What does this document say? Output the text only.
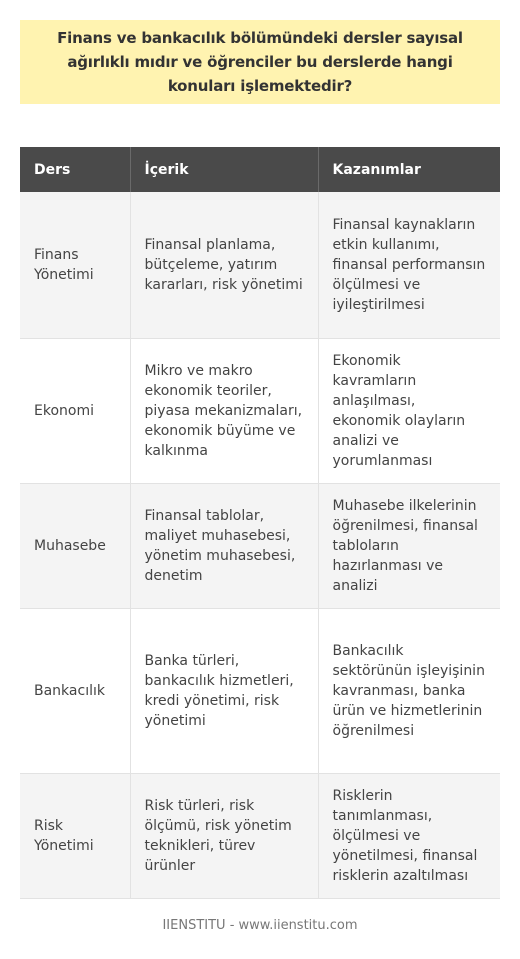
Finans ve bankacılık bölümündeki dersler sayısal ağırlıklı mıdır ve öğrenciler bu derslerde hangi konuları işlemektedir?
Ders	İçerik	Kazanımlar
Finans Yönetimi	Finansal planlama, bütçeleme, yatırım kararları, risk yönetimi	Finansal kaynakların etkin kullanımı, finansal performansın ölçülmesi ve iyileştirilmesi
Ekonomi	Mikro ve makro ekonomik teoriler, piyasa mekanizmaları, ekonomik büyüme ve kalkınma	Ekonomik kavramların anlaşılması, ekonomik olayların analizi ve yorumlanması
Muhasebe	Finansal tablolar, maliyet muhasebesi, yönetim muhasebesi, denetim	Muhasebe ilkelerinin öğrenilmesi, finansal tabloların hazırlanması ve analizi
Bankacılık	Banka türleri, bankacılık hizmetleri, kredi yönetimi, risk yönetimi	Bankacılık sektörünün işleyişinin kavranması, banka ürün ve hizmetlerinin öğrenilmesi
Risk Yönetimi	Risk türleri, risk ölçümü, risk yönetim teknikleri, türev ürünler	Risklerin tanımlanması, ölçülmesi ve yönetilmesi, finansal risklerin azaltılması
IIENSTITU - www.iienstitu.com
